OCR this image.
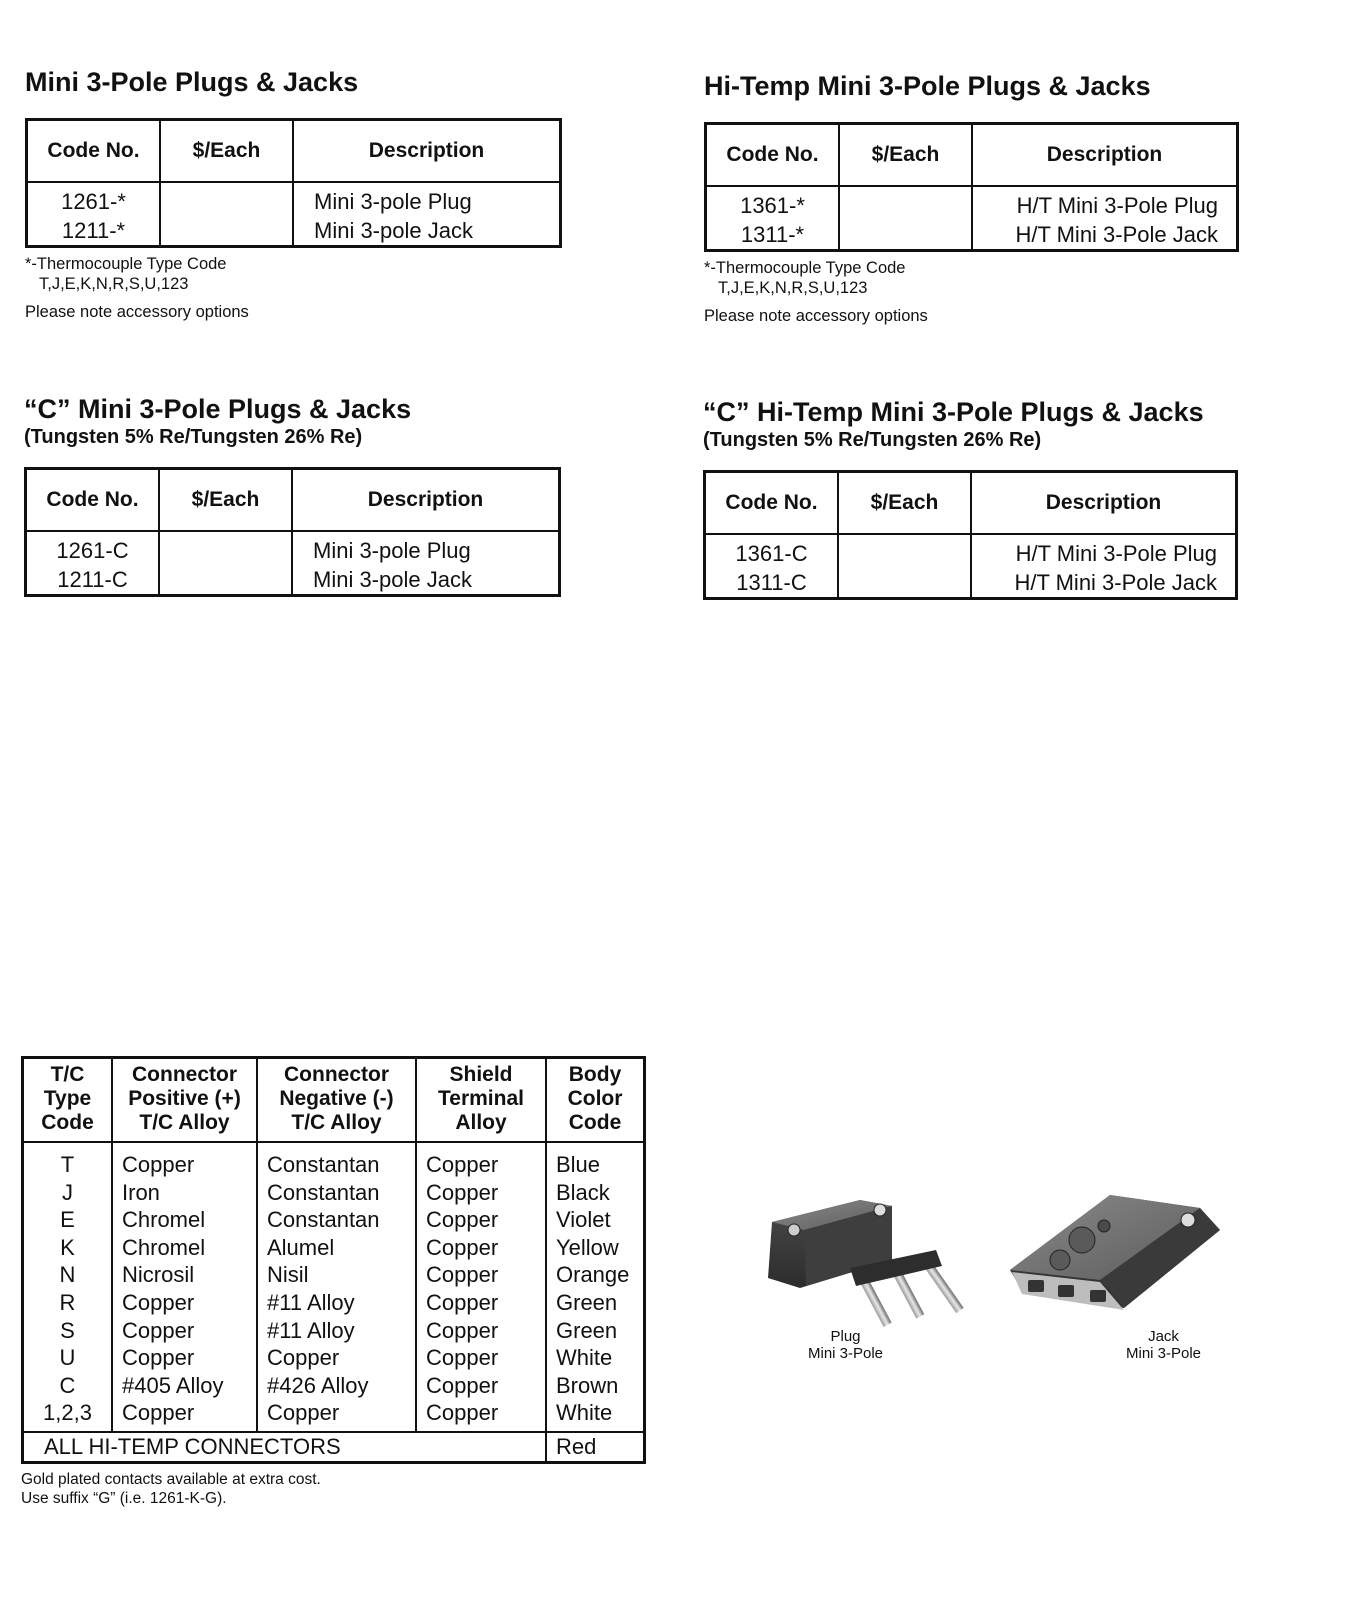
Mini 3-Pole Plugs & Jacks
Code No.	$/Each	Description
1261-*		Mini 3-pole Plug
1211-*		Mini 3-pole Jack
*-Thermocouple Type Code
T,J,E,K,N,R,S,U,123
Please note accessory options
Hi-Temp Mini 3-Pole Plugs & Jacks
Code No.	$/Each	Description
1361-*		H/T Mini 3-Pole Plug
1311-*		H/T Mini 3-Pole Jack
*-Thermocouple Type Code
T,J,E,K,N,R,S,U,123
Please note accessory options
“C” Mini 3-Pole Plugs & Jacks
(Tungsten 5% Re/Tungsten 26% Re)
Code No.	$/Each	Description
1261-C		Mini 3-pole Plug
1211-C		Mini 3-pole Jack
“C” Hi-Temp Mini 3-Pole Plugs & Jacks
(Tungsten 5% Re/Tungsten 26% Re)
Code No.	$/Each	Description
1361-C		H/T Mini 3-Pole Plug
1311-C		H/T Mini 3-Pole Jack
T/C
Type
Code	Connector
Positive (+)
T/C Alloy	Connector
Negative (-)
T/C Alloy	Shield
Terminal
Alloy	Body
Color
Code
T	Copper	Constantan	Copper	Blue
J	Iron	Constantan	Copper	Black
E	Chromel	Constantan	Copper	Violet
K	Chromel	Alumel	Copper	Yellow
N	Nicrosil	Nisil	Copper	Orange
R	Copper	#11 Alloy	Copper	Green
S	Copper	#11 Alloy	Copper	Green
U	Copper	Copper	Copper	White
C	#405 Alloy	#426 Alloy	Copper	Brown
1,2,3	Copper	Copper	Copper	White
ALL HI-TEMP CONNECTORS				Red
Gold plated contacts available at extra cost.
Use suffix “G” (i.e. 1261-K-G).
Plug
Mini 3-Pole
Jack
Mini 3-Pole
